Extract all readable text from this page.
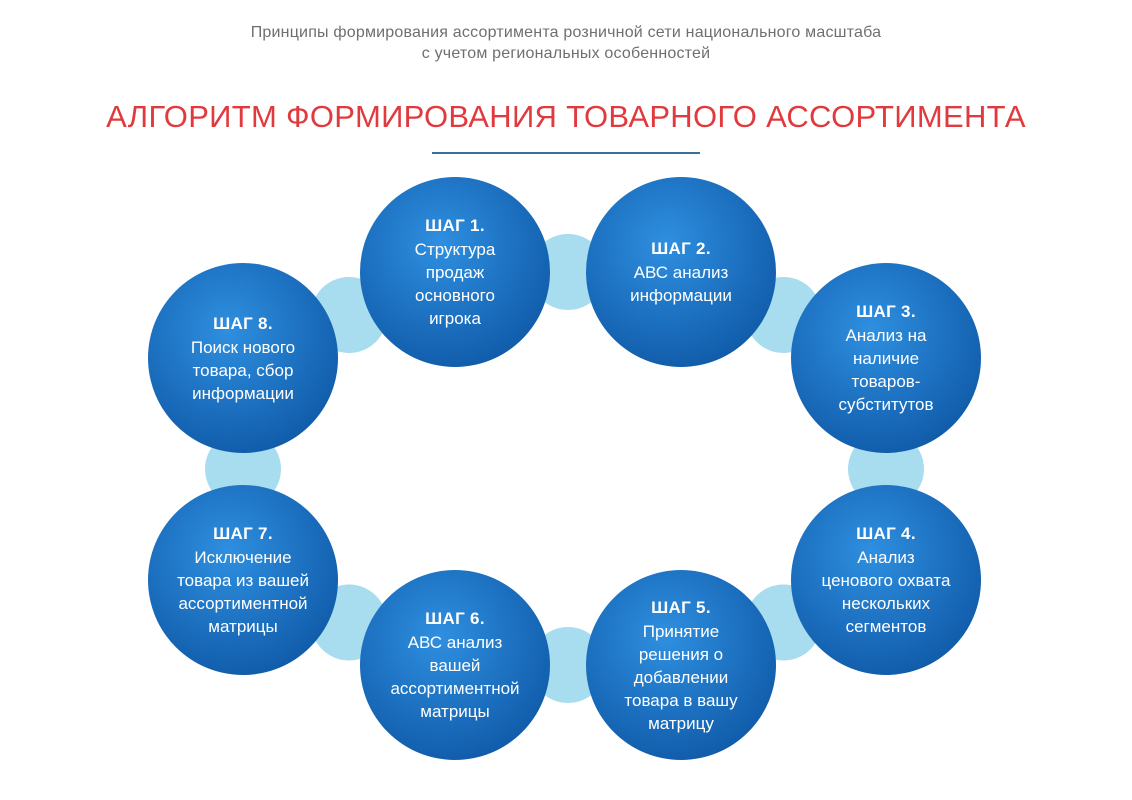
Принципы формирования ассортимента розничной сети национального масштаба
с учетом региональных особенностей
АЛГОРИТМ ФОРМИРОВАНИЯ ТОВАРНОГО АССОРТИМЕНТА
ШАГ 1.
Структура
продаж
основного
игрока
ШАГ 2.
АВС анализ
информации
ШАГ 3.
Анализ на
наличие
товаров-
субститутов
ШАГ 4.
Анализ
ценового охвата
нескольких
сегментов
ШАГ 5.
Принятие
решения о
добавлении
товара в вашу
матрицу
ШАГ 6.
АВС анализ
вашей
ассортиментной
матрицы
ШАГ 7.
Исключение
товара из вашей
ассортиментной
матрицы
ШАГ 8.
Поиск нового
товара, сбор
информации
